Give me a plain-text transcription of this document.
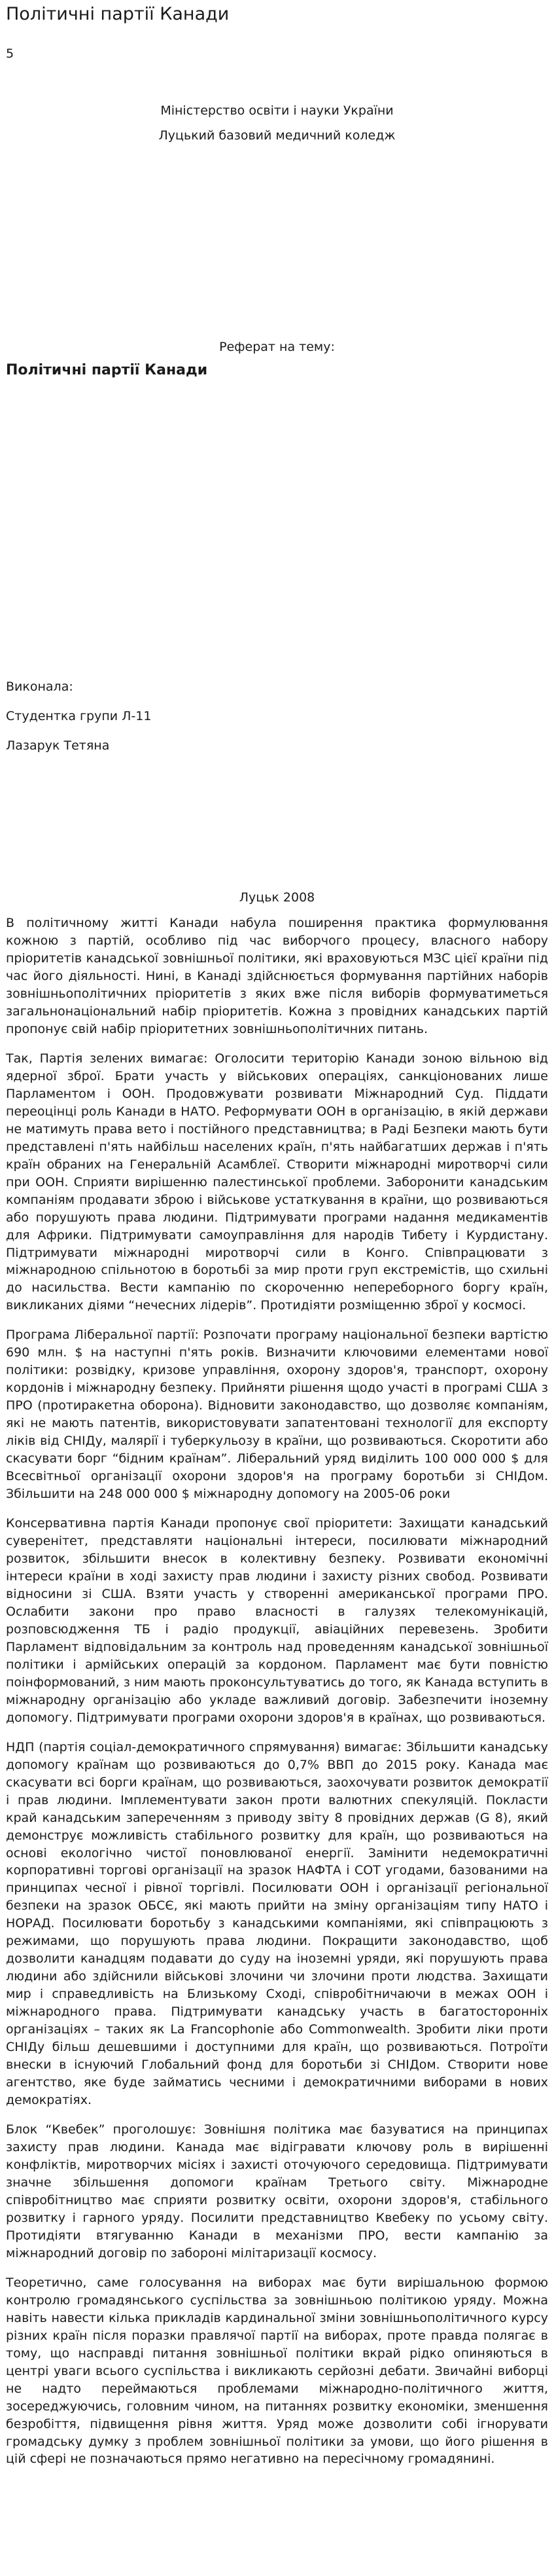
Політичні партії Канади
5
Міністерство освіти і науки України
Луцький базовий медичний коледж
Реферат на тему:
Політичні партії Канади
Виконала:
Студентка групи Л-11
Лазарук Тетяна
Луцьк 2008

В політичному житті Канади набула поширення практика формулювання кожною з партій, особливо під час виборчого процесу, власного набору пріоритетів канадської зовнішньої політики, які враховуються МЗС цієї країни під час його діяльності. Нині, в Канаді здійснюється формування партійних наборів зовнішньополітичних пріоритетів з яких вже після виборів формуватиметься загальнонаціональний набір пріоритетів. Кожна з провідних канадських партій пропонує свій набір пріоритетних зовнішньополітичних питань.

Так, Партія зелених вимагає: Оголосити територію Канади зоною вільною від ядерної зброї. Брати участь у військових операціях, санкціонованих лише Парламентом і ООН. Продовжувати розвивати Міжнародний Суд. Піддати переоцінці роль Канади в НАТО. Реформувати ООН в організацію, в якій держави не матимуть права вето і постійного представництва; в Раді Безпеки мають бути представлені п'ять найбільш населених країн, п'ять найбагатших держав і п'ять країн обраних на Генеральній Асамблеї. Створити міжнародні миротворчі сили при ООН. Сприяти вирішенню палестинської проблеми. Заборонити канадським компаніям продавати зброю і військове устаткування в країни, що розвиваються або порушують права людини. Підтримувати програми надання медикаментів для Африки. Підтримувати самоуправління для народів Тибету і Курдистану. Підтримувати міжнародні миротворчі сили в Конго. Співпрацювати з міжнародною спільнотою в боротьбі за мир проти груп екстремістів, що схильні до насильства. Вести кампанію по скороченню непереборного боргу країн, викликаних діями “нечесних лідерів”. Протидіяти розміщенню зброї у космосі.

Програма Ліберальної партії: Розпочати програму національної безпеки вартістю 690 млн. $ на наступні п'ять років. Визначити ключовими елементами нової політики: розвідку, кризове управління, охорону здоров'я, транспорт, охорону кордонів і міжнародну безпеку. Прийняти рішення щодо участі в програмі США з ПРО (протиракетна оборона). Відновити законодавство, що дозволяє компаніям, які не мають патентів, використовувати запатентовані технології для експорту ліків від СНІДу, малярії і туберкульозу в країни, що розвиваються. Скоротити або скасувати борг “бідним країнам”. Ліберальний уряд виділить 100 000 000 $ для Всесвітньої організації охорони здоров'я на програму боротьби зі СНІДом. Збільшити на 248 000 000 $ міжнародну допомогу на 2005-06 роки

Консервативна партія Канади пропонує свої пріоритети: Захищати канадський суверенітет, представляти національні інтереси, посилювати міжнародний розвиток, збільшити внесок в колективну безпеку. Розвивати економічні інтереси країни в ході захисту прав людини і захисту різних свобод. Розвивати відносини зі США. Взяти участь у створенні американської програми ПРО. Ослабити закони про право власності в галузях телекомунікацій, розповсюдження ТБ і радіо продукції, авіаційних перевезень. Зробити Парламент відповідальним за контроль над проведенням канадської зовнішньої політики і армійських операцій за кордоном. Парламент має бути повністю поінформований, з ним мають проконсультуватись до того, як Канада вступить в міжнародну організацію або укладе важливий договір. Забезпечити іноземну допомогу. Підтримувати програми охорони здоров'я в країнах, що розвиваються.

НДП (партія соціал-демократичного спрямування) вимагає: Збільшити канадську допомогу країнам що розвиваються до 0,7% ВВП до 2015 року. Канада має скасувати всі борги країнам, що розвиваються, заохочувати розвиток демократії і прав людини. Імплементувати закон проти валютних спекуляцій. Покласти край канадським запереченням з приводу звіту 8 провідних держав (G 8), який демонструє можливість стабільного розвитку для країн, що розвиваються на основі екологічно чистої поновлюваної енергії. Замінити недемократичні корпоративні торгові організації на зразок НАФТА і СОТ угодами, базованими на принципах чесної і рівної торгівлі. Посилювати ООН і організації регіональної безпеки на зразок ОБСЄ, які мають прийти на зміну організаціям типу НАТО і НОРАД. Посилювати боротьбу з канадськими компаніями, які співпрацюють з режимами, що порушують права людини. Покращити законодавство, щоб дозволити канадцям подавати до суду на іноземні уряди, які порушують права людини або здійснили військові злочини чи злочини проти людства. Захищати мир і справедливість на Близькому Сході, співробітничаючи в межах ООН і міжнародного права. Підтримувати канадську участь в багатосторонніх організаціях – таких як La Francophonie або Commonwealth. Зробити ліки проти СНІДу більш дешевшими і доступними для країн, що розвиваються. Потроїти внески в існуючий Глобальний фонд для боротьби зі СНІДом. Створити нове агентство, яке буде займатись чесними і демократичними виборами в нових демократіях.

Блок “Квебек” проголошує: Зовнішня політика має базуватися на принципах захисту прав людини. Канада має відігравати ключову роль в вирішенні конфліктів, миротворчих місіях і захисті оточуючого середовища. Підтримувати значне збільшення допомоги країнам Третього світу. Міжнародне співробітництво має сприяти розвитку освіти, охорони здоров'я, стабільного розвитку і гарного уряду. Посилити представництво Квебеку по усьому світу. Протидіяти втягуванню Канади в механізми ПРО, вести кампанію за міжнародний договір по забороні мілітаризації космосу.

Теоретично, саме голосування на виборах має бути вирішальною формою контролю громадянського суспільства за зовнішньою політикою уряду. Можна навіть навести кілька прикладів кардинальної зміни зовнішньополітичного курсу різних країн після поразки правлячої партії на виборах, проте правда полягає в тому, що насправді питання зовнішньої політики вкрай рідко опиняються в центрі уваги всього суспільства і викликають серйозні дебати. Звичайні виборці не надто переймаються проблемами міжнародно-політичного життя, зосереджуючись, головним чином, на питаннях розвитку економіки, зменшення безробіття, підвищення рівня життя. Уряд може дозволити собі ігнорувати громадську думку з проблем зовнішньої політики за умови, що його рішення в цій сфері не позначаються прямо негативно на пересічному громадянині.
